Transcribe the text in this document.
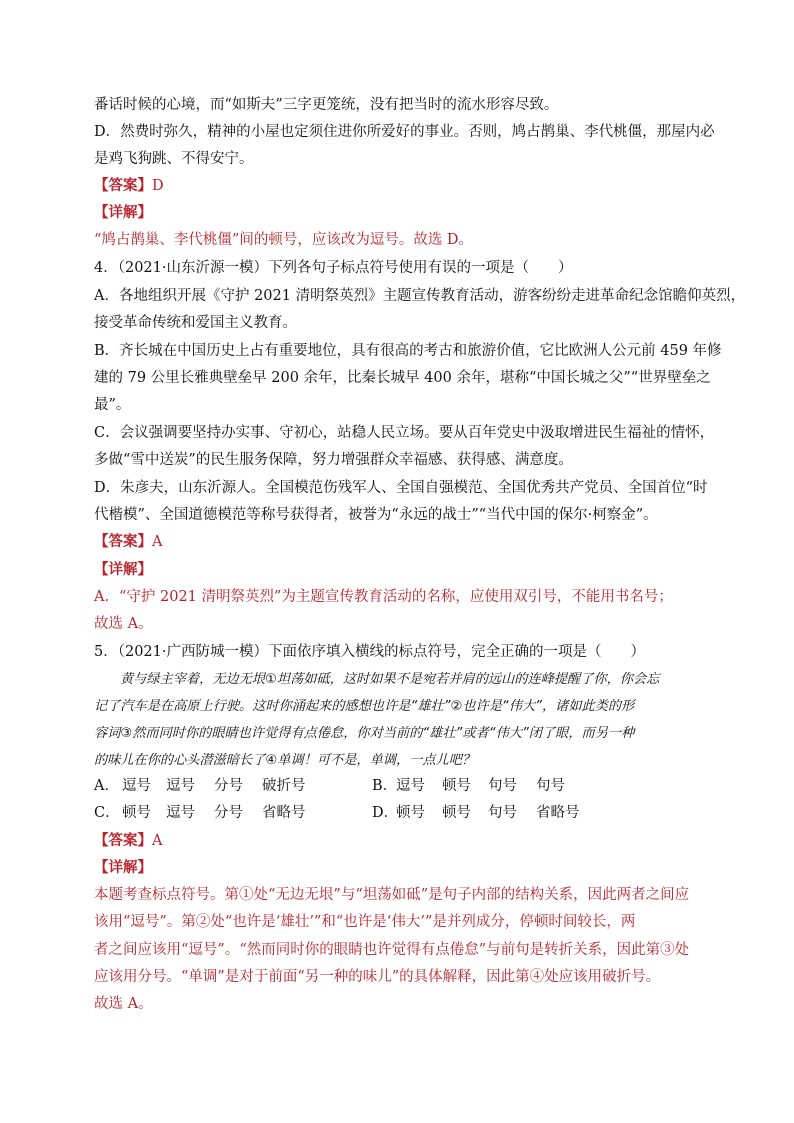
番话时候的心境，而“如斯夫”三字更笼统，没有把当时的流水形容尽致。
D．然费时弥久，精神的小屋也定须住进你所爱好的事业。否则，鸠占鹊巢、李代桃僵，那屋内必
是鸡飞狗跳、不得安宁。
【答案】D
【详解】
“鸠占鹊巢、李代桃僵”间的顿号，应该改为逗号。故选 D。
4．（2021·山东沂源一模）下列各句子标点符号使用有误的一项是（　　）
A．各地组织开展《守护 2021 清明祭英烈》主题宣传教育活动，游客纷纷走进革命纪念馆瞻仰英烈，
接受革命传统和爱国主义教育。
B．齐长城在中国历史上占有重要地位，具有很高的考古和旅游价值，它比欧洲人公元前 459 年修
建的 79 公里长雅典壁垒早 200 余年，比秦长城早 400 余年，堪称“中国长城之父”“世界壁垒之
最”。
C．会议强调要坚持办实事、守初心，站稳人民立场。要从百年党史中汲取增进民生福祉的情怀，
多做“雪中送炭”的民生服务保障，努力增强群众幸福感、获得感、满意度。
D．朱彦夫，山东沂源人。全国模范伤残军人、全国自强模范、全国优秀共产党员、全国首位“时
代楷模”、全国道德模范等称号获得者，被誉为“永远的战士”“当代中国的保尔·柯察金”。
【答案】A
【详解】
A．“守护 2021 清明祭英烈”为主题宣传教育活动的名称，应使用双引号，不能用书名号；
故选 A。
5．（2021·广西防城一模）下面依序填入横线的标点符号，完全正确的一项是（　　）
黄与绿主宰着，无边无垠①坦荡如砥，这时如果不是宛若并肩的远山的连峰提醒了你，你会忘
记了汽车是在高原上行驶。这时你涌起来的感想也许是“雄壮”②也许是“伟大”，诸如此类的形
容词③然而同时你的眼睛也许觉得有点倦怠，你对当前的“雄壮”或者“伟大”闭了眼，而另一种
的味儿在你的心头潜滋暗长了④单调！可不是，单调，一点儿吧？
A． 逗号 逗号 分号 破折号	B．逗号 顿号 句号 句号
C． 顿号 逗号 分号 省略号	D．顿号 顿号 句号 省略号
【答案】A
【详解】
本题考查标点符号。第①处“无边无垠”与“坦荡如砥”是句子内部的结构关系，因此两者之间应
该用“逗号”。第②处“也许是‘雄壮’”和“也许是‘伟大’”是并列成分，停顿时间较长，两
者之间应该用“逗号”。“然而同时你的眼睛也许觉得有点倦怠”与前句是转折关系，因此第③处
应该用分号。“单调”是对于前面“另一种的味儿”的具体解释，因此第④处应该用破折号。
故选 A。
